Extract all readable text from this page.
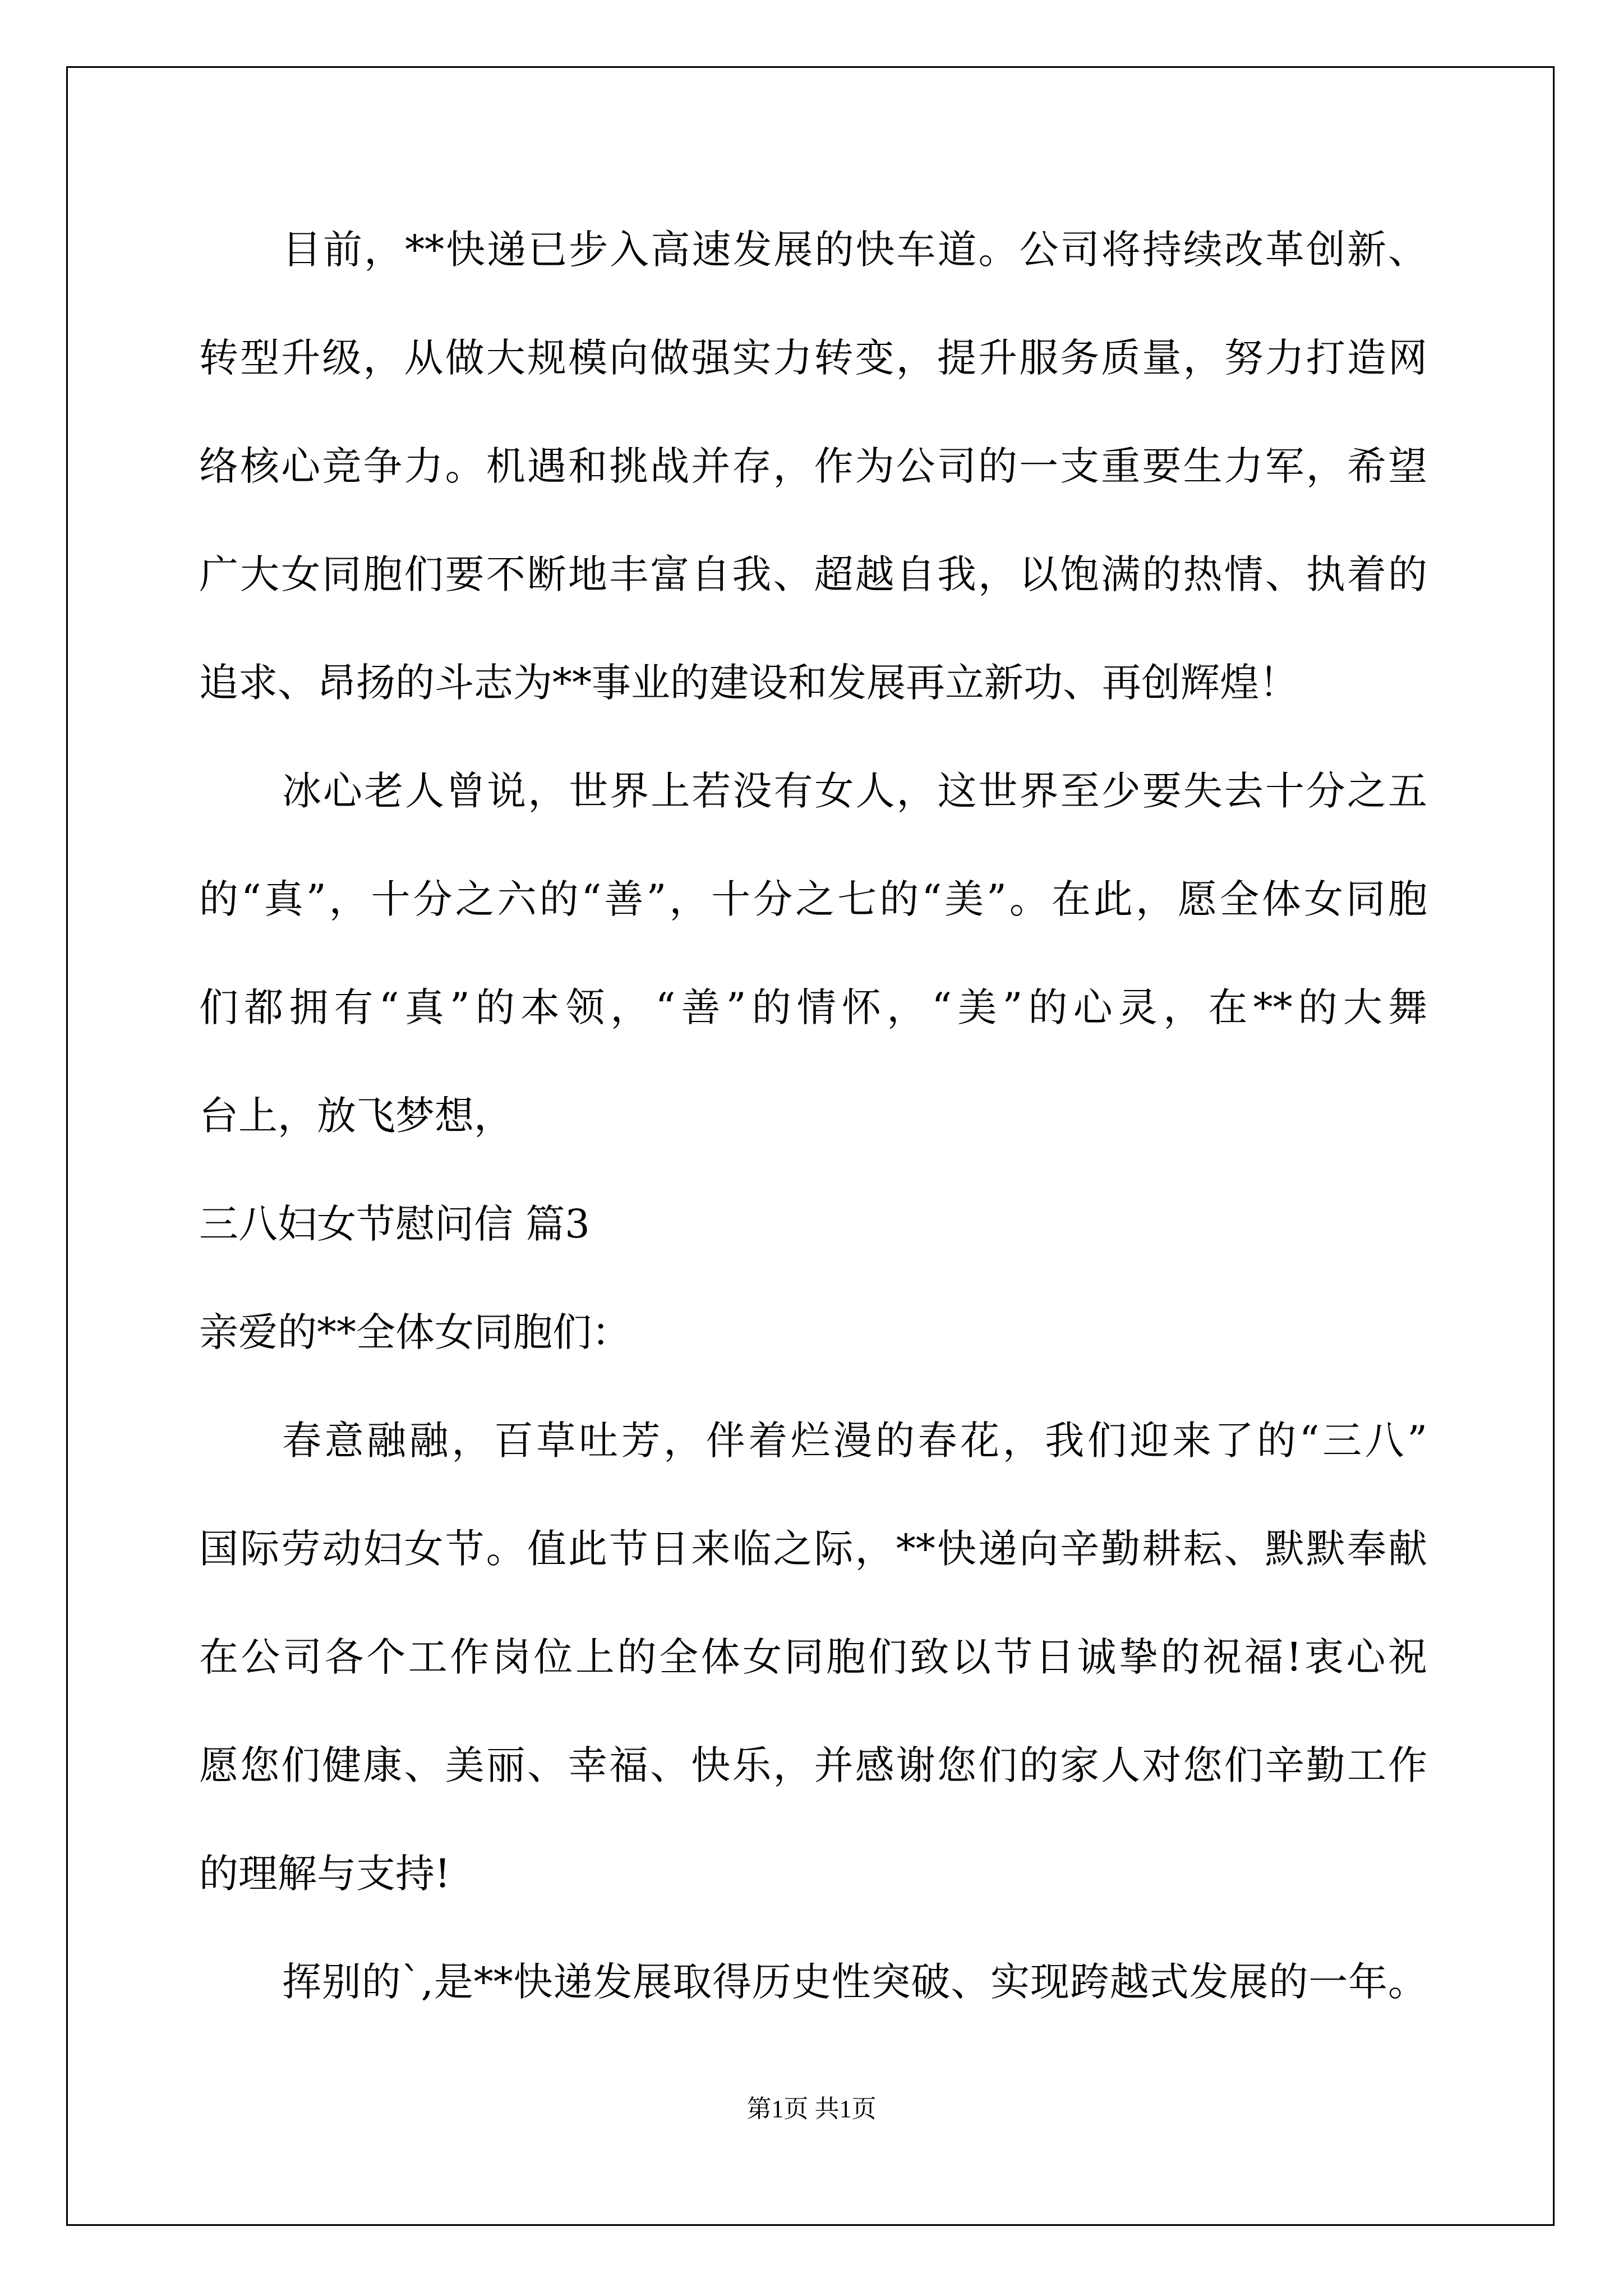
目前，**快递已步入高速发展的快车道。公司将持续改革创新、
转型升级，从做大规模向做强实力转变，提升服务质量，努力打造网
络核心竞争力。机遇和挑战并存，作为公司的一支重要生力军，希望
广大女同胞们要不断地丰富自我、超越自我，以饱满的热情、执着的
追求、昂扬的斗志为**事业的建设和发展再立新功、再创辉煌！
冰心老人曾说，世界上若没有女人，这世界至少要失去十分之五
的“真”，十分之六的“善”，十分之七的“美”。在此，愿全体女同胞
们都拥有“真”的本领，“善”的情怀，“美”的心灵，在**的大舞
台上，放飞梦想，
三八妇女节慰问信 篇3
亲爱的**全体女同胞们：
春意融融，百草吐芳，伴着烂漫的春花，我们迎来了的“三八”
国际劳动妇女节。值此节日来临之际，**快递向辛勤耕耘、默默奉献
在公司各个工作岗位上的全体女同胞们致以节日诚挚的祝福!衷心祝
愿您们健康、美丽、幸福、快乐，并感谢您们的家人对您们辛勤工作
的理解与支持!
挥别的`,是**快递发展取得历史性突破、实现跨越式发展的一年。
第1页 共1页
